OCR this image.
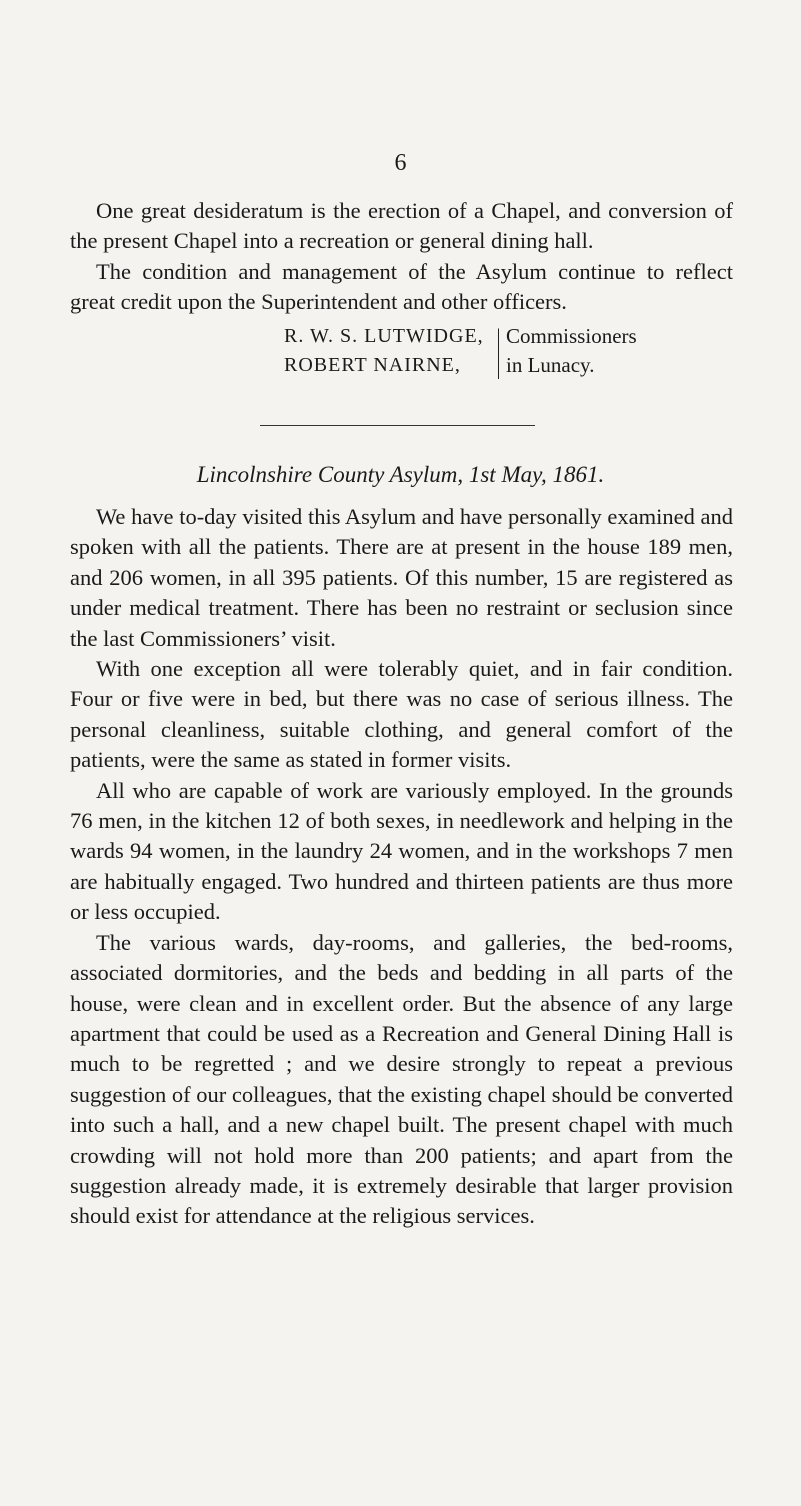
6

One great desideratum is the erection of a Chapel, and conversion of the present Chapel into a recreation or general dining hall.

The condition and management of the Asylum continue to reflect great credit upon the Superintendent and other officers.

R. W. S. LUTWIDGE,
ROBERT NAIRNE,
Commissioners
in Lunacy.
Lincolnshire County Asylum, 1st May, 1861.

We have to-day visited this Asylum and have personally examined and spoken with all the patients. There are at present in the house 189 men, and 206 women, in all 395 patients. Of this number, 15 are registered as under medical treatment. There has been no restraint or seclusion since the last Commissioners’ visit.

With one exception all were tolerably quiet, and in fair condition. Four or five were in bed, but there was no case of serious illness. The personal cleanliness, suitable clothing, and general comfort of the patients, were the same as stated in former visits.

All who are capable of work are variously employed. In the grounds 76 men, in the kitchen 12 of both sexes, in needlework and helping in the wards 94 women, in the laundry 24 women, and in the workshops 7 men are habitually engaged. Two hundred and thirteen patients are thus more or less occupied.

The various wards, day-rooms, and galleries, the bed-rooms, associated dormitories, and the beds and bedding in all parts of the house, were clean and in excellent order. But the absence of any large apartment that could be used as a Recreation and General Dining Hall is much to be regretted ; and we desire strongly to repeat a previous suggestion of our colleagues, that the existing chapel should be converted into such a hall, and a new chapel built. The present chapel with much crowding will not hold more than 200 patients; and apart from the suggestion already made, it is extremely desirable that larger provision should exist for attendance at the religious services.
